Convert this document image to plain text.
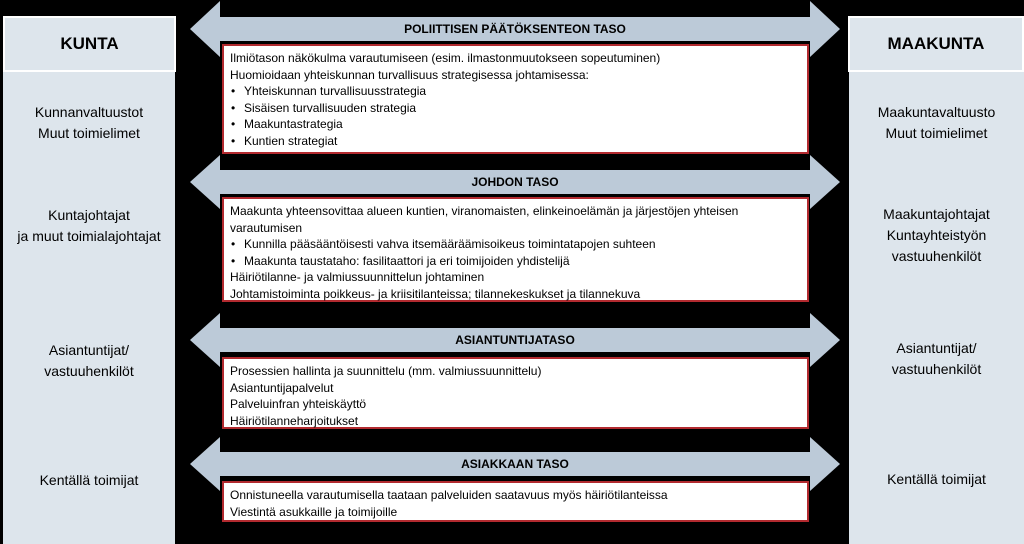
KUNTA	MAAKUNTA
Kunnanvaltuustot
Muut toimielimet
Kuntajohtajat
ja muut toimialajohtajat
Asiantuntijat/
vastuuhenkilöt
Kentällä toimijat
Maakuntavaltuusto
Muut toimielimet
Maakuntajohtajat
Kuntayhteistyön
vastuuhenkilöt
Asiantuntijat/
vastuuhenkilöt
Kentällä toimijat
POLIITTISEN PÄÄTÖKSENTEON TASO
JOHDON TASO
ASIANTUNTIJATASO
ASIAKKAAN TASO
Ilmiötason näkökulma varautumiseen (esim. ilmastonmuutokseen sopeutuminen)
Huomioidaan yhteiskunnan turvallisuus strategisessa johtamisessa:
• Yhteiskunnan turvallisuusstrategia
• Sisäisen turvallisuuden strategia
• Maakuntastrategia
• Kuntien strategiat
Maakunta yhteensovittaa alueen kuntien, viranomaisten, elinkeinoelämän ja järjestöjen yhteisen
varautumisen
• Kunnilla pääsääntöisesti vahva itsemääräämisoikeus toimintatapojen suhteen
• Maakunta taustataho: fasilitaattori ja eri toimijoiden yhdistelijä
Häiriötilanne- ja valmiussuunnittelun johtaminen
Johtamistoiminta poikkeus- ja kriisitilanteissa; tilannekeskukset ja tilannekuva
Prosessien hallinta ja suunnittelu (mm. valmiussuunnittelu)
Asiantuntijapalvelut
Palveluinfran yhteiskäyttö
Häiriötilanneharjoitukset
Onnistuneella varautumisella taataan palveluiden saatavuus myös häiriötilanteissa
Viestintä asukkaille ja toimijoille
